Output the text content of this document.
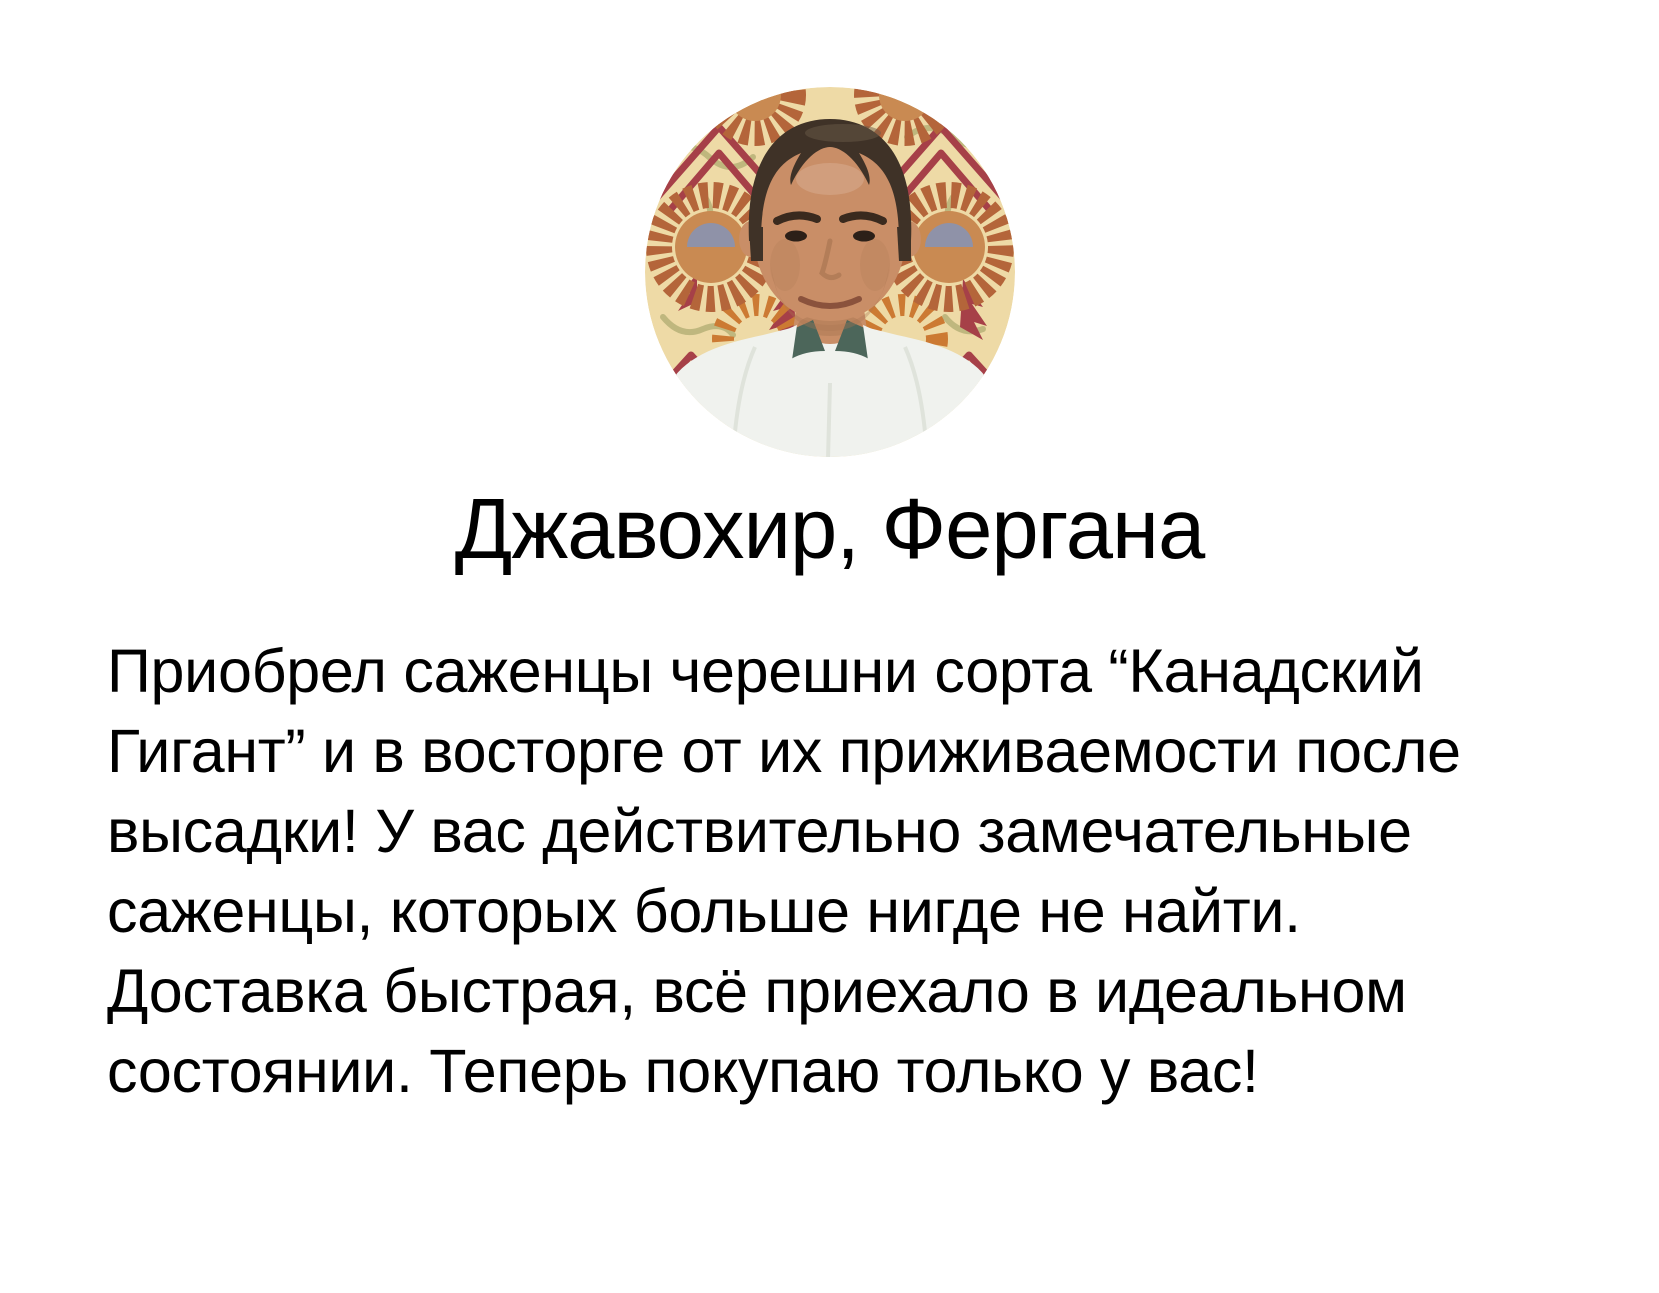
Джавохир, Фергана
Приобрел саженцы черешни сорта “Канадский
Гигант” и в восторге от их приживаемости после
высадки! У вас действительно замечательные
саженцы, которых больше нигде не найти.
Доставка быстрая, всё приехало в идеальном
состоянии. Теперь покупаю только у вас!
